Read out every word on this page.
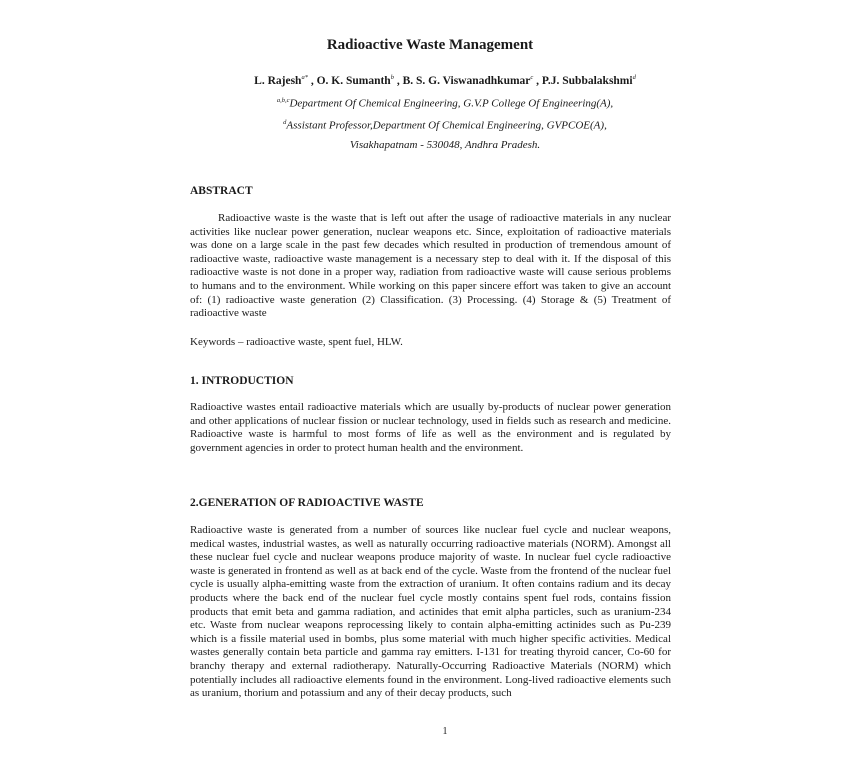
Radioactive Waste Management
L. Rajesh$^{a*}$ , O. K. Sumanth$^b$ , B. S. G. Viswanadhkumar$^c$ , P.J. Subbalakshmi$^d$
$^{a,b,c}$Department Of Chemical Engineering, G.V.P College Of Engineering(A),
$^d$Assistant Professor,Department Of Chemical Engineering, GVPCOE(A),
Visakhapatnam - 530048, Andhra Pradesh.
ABSTRACT

Radioactive waste is the waste that is left out after the usage of radioactive materials in any nuclear activities like nuclear power generation, nuclear weapons etc. Since, exploitation of radioactive materials was done on a large scale in the past few decades which resulted in production of tremendous amount of radioactive waste, radioactive waste management is a necessary step to deal with it. If the disposal of this radioactive waste is not done in a proper way, radiation from radioactive waste will cause serious problems to humans and to the environment. While working on this paper sincere effort was taken to give an account of: (1) radioactive waste generation (2) Classification. (3) Processing. (4) Storage & (5) Treatment of radioactive waste

Keywords – radioactive waste, spent fuel, HLW.
1. INTRODUCTION

Radioactive wastes entail radioactive materials which are usually by-products of nuclear power generation and other applications of nuclear fission or nuclear technology, used in fields such as research and medicine. Radioactive waste is harmful to most forms of life as well as the environment and is regulated by government agencies in order to protect human health and the environment.

2.GENERATION OF RADIOACTIVE WASTE

Radioactive waste is generated from a number of sources like nuclear fuel cycle and nuclear weapons, medical wastes, industrial wastes, as well as naturally occurring radioactive materials (NORM). Amongst all these nuclear fuel cycle and nuclear weapons produce majority of waste. In nuclear fuel cycle radioactive waste is generated in frontend as well as at back end of the cycle. Waste from the frontend of the nuclear fuel cycle is usually alpha-emitting waste from the extraction of uranium. It often contains radium and its decay products where the back end of the nuclear fuel cycle mostly contains spent fuel rods, contains fission products that emit beta and gamma radiation, and actinides that emit alpha particles, such as uranium-234 etc. Waste from nuclear weapons reprocessing likely to contain alpha-emitting actinides such as Pu-239 which is a fissile material used in bombs, plus some material with much higher specific activities. Medical wastes generally contain beta particle and gamma ray emitters. I-131 for treating thyroid cancer, Co-60 for branchy therapy and external radiotherapy. Naturally-Occurring Radioactive Materials (NORM) which potentially includes all radioactive elements found in the environment. Long-lived radioactive elements such as uranium, thorium and potassium and any of their decay products, such

1
